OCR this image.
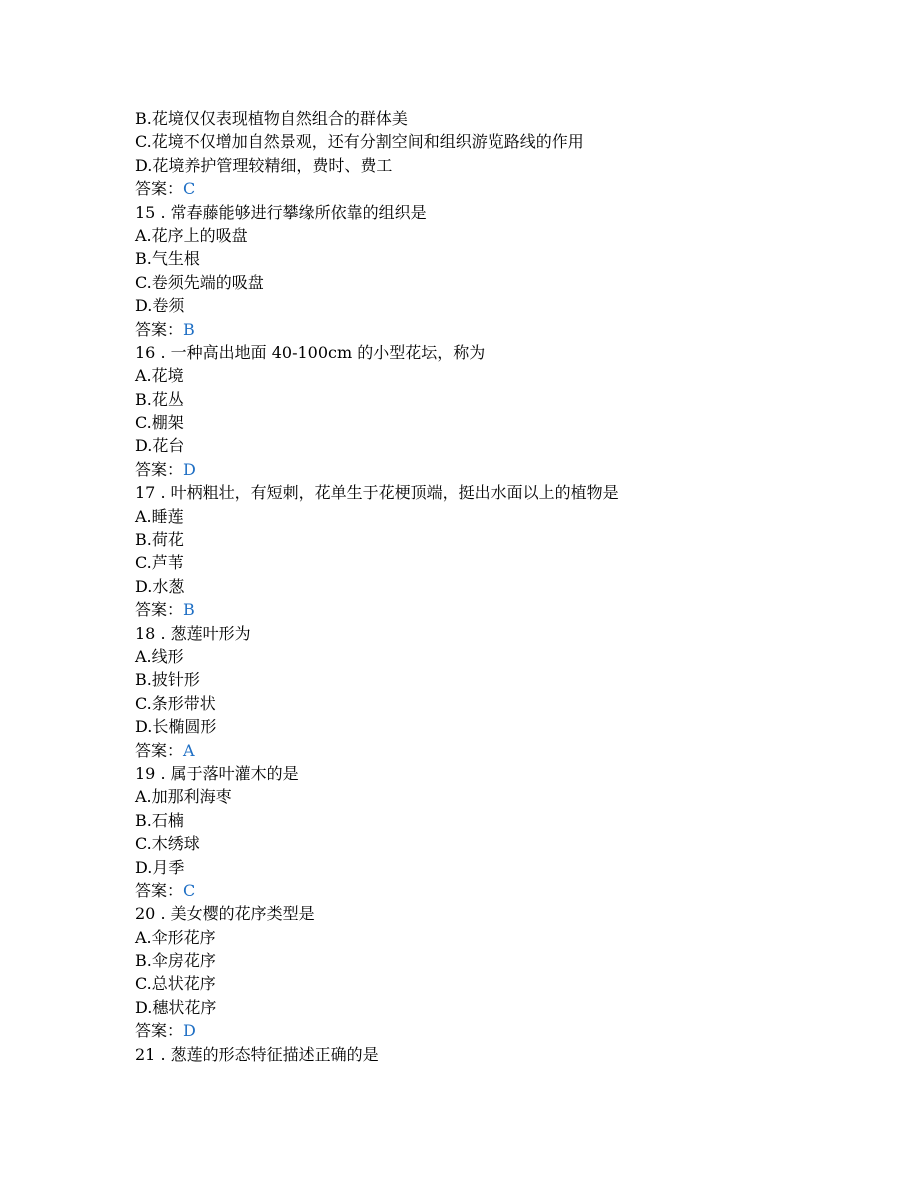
B.花境仅仅表现植物自然组合的群体美
C.花境不仅增加自然景观，还有分割空间和组织游览路线的作用
D.花境养护管理较精细，费时、费工
答案：C
15 . 常春藤能够进行攀缘所依靠的组织是
A.花序上的吸盘
B.气生根
C.卷须先端的吸盘
D.卷须
答案：B
16 . 一种高出地面 40-100cm 的小型花坛，称为
A.花境
B.花丛
C.棚架
D.花台
答案：D
17 . 叶柄粗壮，有短刺，花单生于花梗顶端，挺出水面以上的植物是
A.睡莲
B.荷花
C.芦苇
D.水葱
答案：B
18 . 葱莲叶形为
A.线形
B.披针形
C.条形带状
D.长椭圆形
答案：A
19 . 属于落叶灌木的是
A.加那利海枣
B.石楠
C.木绣球
D.月季
答案：C
20 . 美女樱的花序类型是
A.伞形花序
B.伞房花序
C.总状花序
D.穗状花序
答案：D
21 . 葱莲的形态特征描述正确的是
